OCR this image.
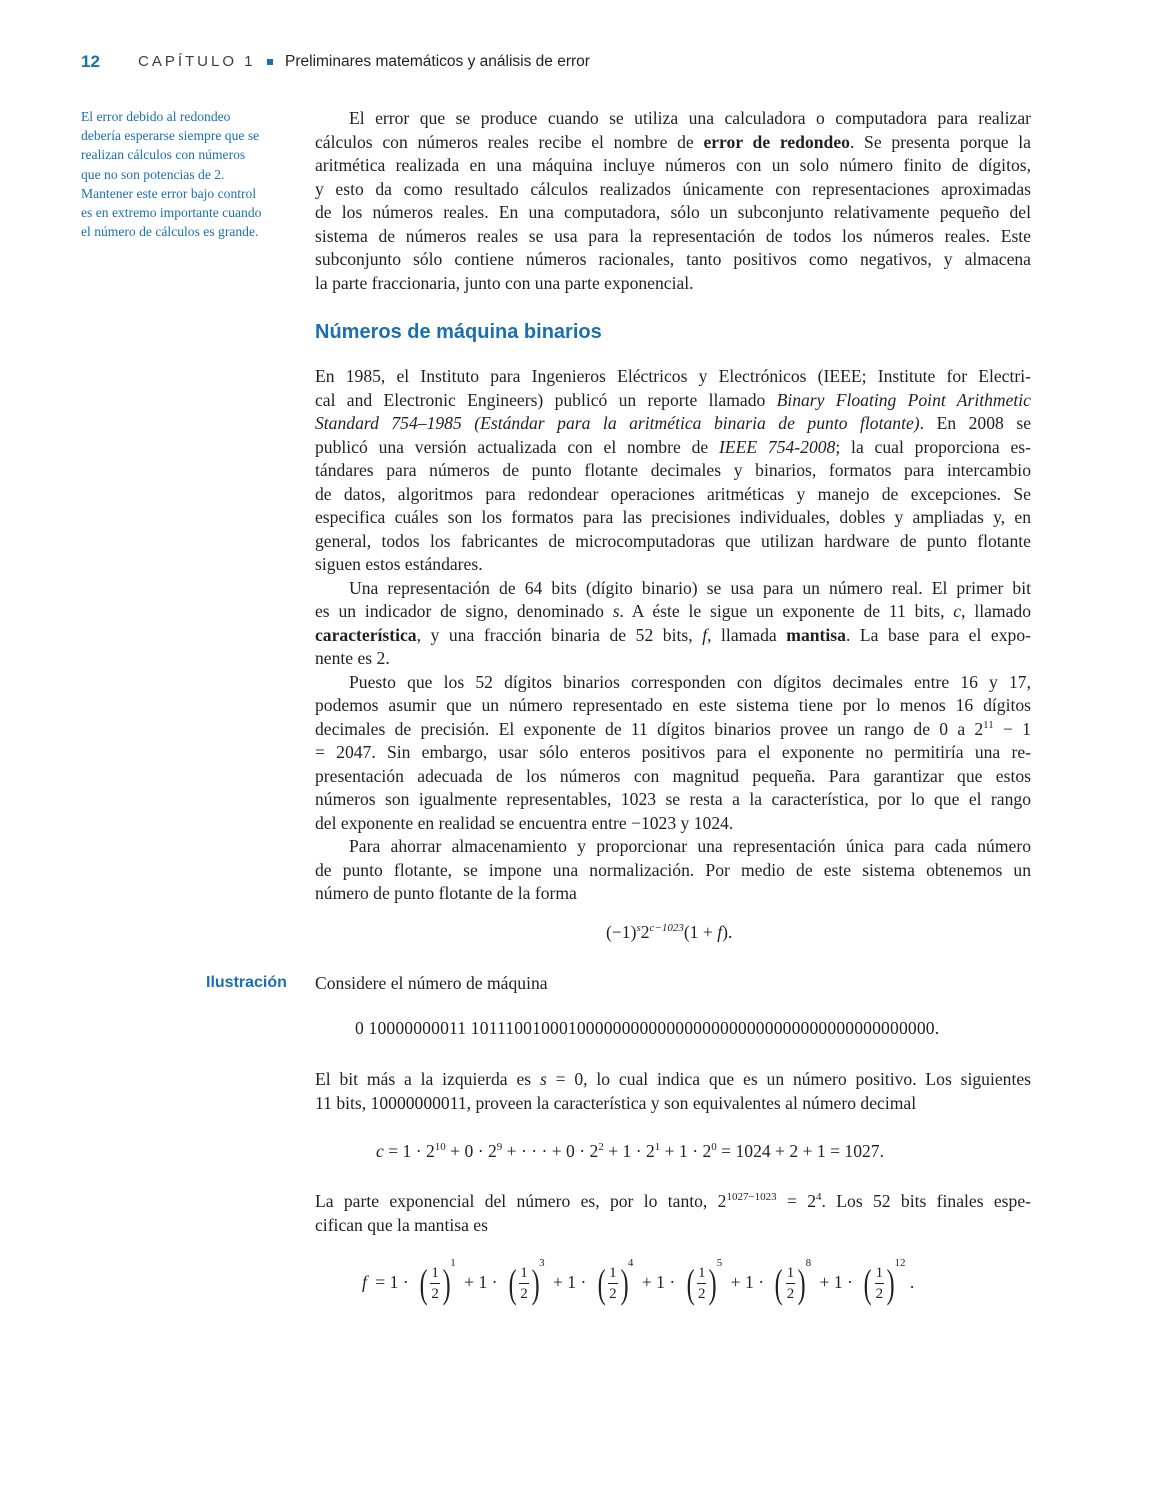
12	CAPÍTULO 1 Preliminares matemáticos y análisis de error
El error debido al redondeo
debería esperarse siempre que se
realizan cálculos con números
que no son potencias de 2.
Mantener este error bajo control
es en extremo importante cuando
el número de cálculos es grande.
El error que se produce cuando se utiliza una calculadora o computadora para realizar
cálculos con números reales recibe el nombre de error de redondeo. Se presenta porque la
aritmética realizada en una máquina incluye números con un solo número finito de dígitos,
y esto da como resultado cálculos realizados únicamente con representaciones aproximadas
de los números reales. En una computadora, sólo un subconjunto relativamente pequeño del
sistema de números reales se usa para la representación de todos los números reales. Este
subconjunto sólo contiene números racionales, tanto positivos como negativos, y almacena
la parte fraccionaria, junto con una parte exponencial.
Números de máquina binarios
En 1985, el Instituto para Ingenieros Eléctricos y Electrónicos (IEEE; Institute for Electri-
cal and Electronic Engineers) publicó un reporte llamado Binary Floating Point Arithmetic
Standard 754–1985 (Estándar para la aritmética binaria de punto flotante). En 2008 se
publicó una versión actualizada con el nombre de IEEE 754-2008; la cual proporciona es-
tándares para números de punto flotante decimales y binarios, formatos para intercambio
de datos, algoritmos para redondear operaciones aritméticas y manejo de excepciones. Se
especifica cuáles son los formatos para las precisiones individuales, dobles y ampliadas y, en
general, todos los fabricantes de microcomputadoras que utilizan hardware de punto flotante
siguen estos estándares.
Una representación de 64 bits (dígito binario) se usa para un número real. El primer bit
es un indicador de signo, denominado s. A éste le sigue un exponente de 11 bits, c, llamado
característica, y una fracción binaria de 52 bits, f, llamada mantisa. La base para el expo-
nente es 2.
Puesto que los 52 dígitos binarios corresponden con dígitos decimales entre 16 y 17,
podemos asumir que un número representado en este sistema tiene por lo menos 16 dígitos
decimales de precisión. El exponente de 11 dígitos binarios provee un rango de 0 a $2^{11} - 1$
= 2047. Sin embargo, usar sólo enteros positivos para el exponente no permitiría una re-
presentación adecuada de los números con magnitud pequeña. Para garantizar que estos
números son igualmente representables, 1023 se resta a la característica, por lo que el rango
del exponente en realidad se encuentra entre −1023 y 1024.
Para ahorrar almacenamiento y proporcionar una representación única para cada número
de punto flotante, se impone una normalización. Por medio de este sistema obtenemos un
número de punto flotante de la forma
$(-1)^s2^{c-1023}(1 + f)$.
Ilustración Considere el número de máquina
0 10000000011 1011100100010000000000000000000000000000000000000000.
El bit más a la izquierda es s = 0, lo cual indica que es un número positivo. Los siguientes
11 bits, 10000000011, proveen la característica y son equivalentes al número decimal
$c = 1 \cdot 2^{10} + 0 \cdot 2^9$ + · · · + $0 \cdot 2^2 + 1 \cdot 2^1 + 1 \cdot 2^0 = 1024 + 2 + 1 = 1027$.
La parte exponencial del número es, por lo tanto, $2^{1027-1023} = 2^4$. Los 52 bits finales espe-
cifican que la mantisa es
f = 1 · ( $\frac{1}{2} )1 + 1$ · ( $\frac{1}{2} )3 + 1$ · ( $\frac{1}{2} )4 + 1$ · ( $\frac{1}{2} )5 + 1$ · ( $\frac{1}{2} )8 + 1$ · ( $\frac{1}{2} )12$ .
